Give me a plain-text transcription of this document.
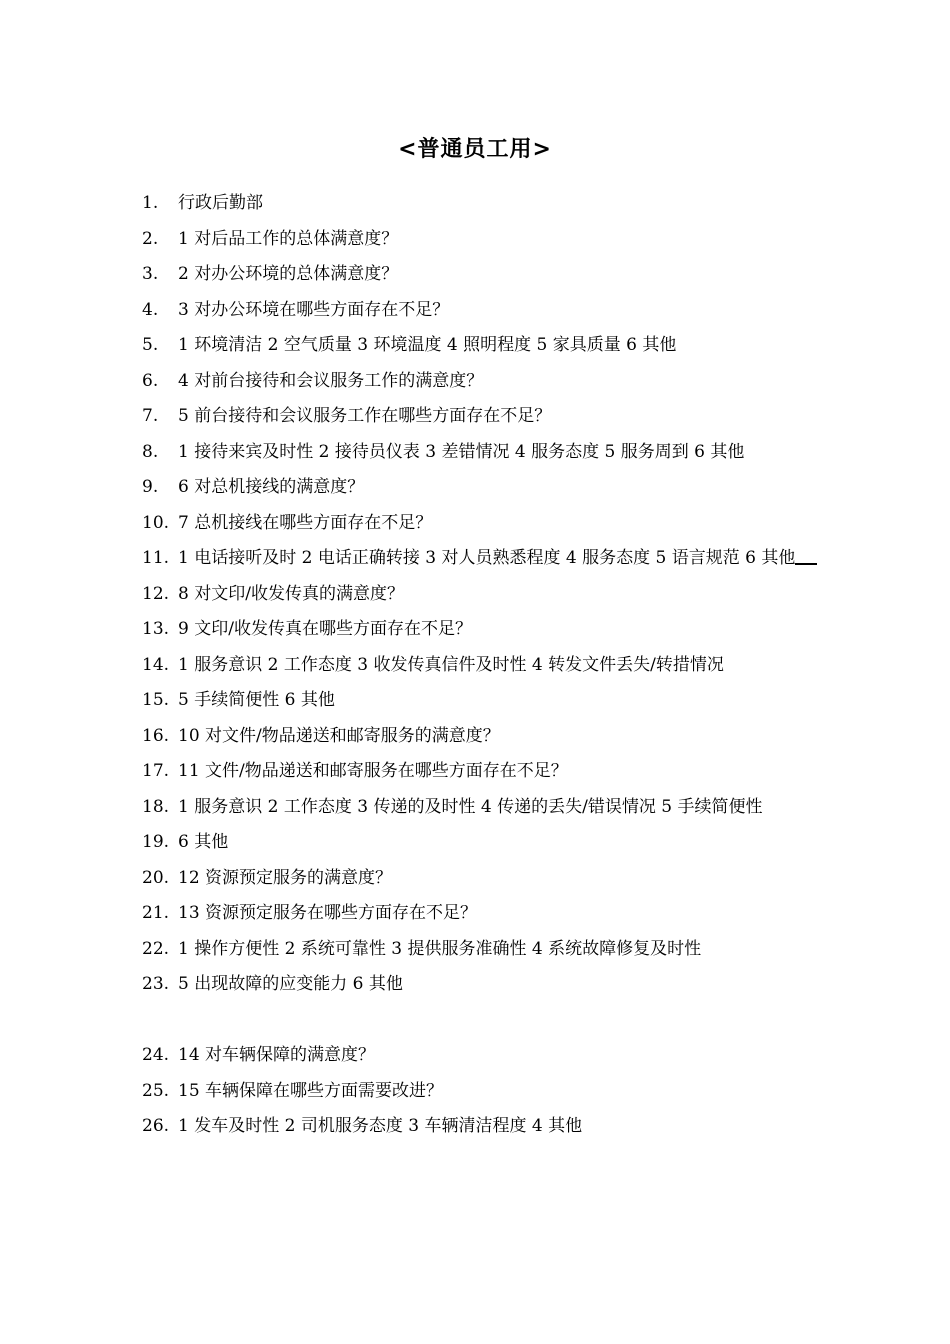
<普通员工用>
1.	行政后勤部
2.	1 对后品工作的总体满意度？
3.	2 对办公环境的总体满意度？
4.	3 对办公环境在哪些方面存在不足？
5.	1 环境清洁 2 空气质量 3 环境温度 4 照明程度 5 家具质量 6 其他
6.	4 对前台接待和会议服务工作的满意度？
7.	5 前台接待和会议服务工作在哪些方面存在不足？
8.	1 接待来宾及时性 2 接待员仪表 3 差错情况 4 服务态度 5 服务周到 6 其他
9.	6 对总机接线的满意度？
10. 7 总机接线在哪些方面存在不足？
11. 1 电话接听及时 2 电话正确转接 3 对人员熟悉程度 4 服务态度 5 语言规范 6 其他
12. 8 对文印/收发传真的满意度？
13. 9 文印/收发传真在哪些方面存在不足？
14. 1 服务意识 2 工作态度 3 收发传真信件及时性 4 转发文件丢失/转措情况
15. 5 手续简便性 6 其他
16. 10 对文件/物品递送和邮寄服务的满意度？
17. 11 文件/物品递送和邮寄服务在哪些方面存在不足？
18. 1 服务意识 2 工作态度 3 传递的及时性 4 传递的丢失/错误情况 5 手续简便性
19. 6 其他
20. 12 资源预定服务的满意度？
21. 13 资源预定服务在哪些方面存在不足？
22. 1 操作方便性 2 系统可靠性 3 提供服务准确性 4 系统故障修复及时性
23. 5 出现故障的应变能力 6 其他
24. 14 对车辆保障的满意度？
25. 15 车辆保障在哪些方面需要改进？
26. 1 发车及时性 2 司机服务态度 3 车辆清洁程度 4 其他
